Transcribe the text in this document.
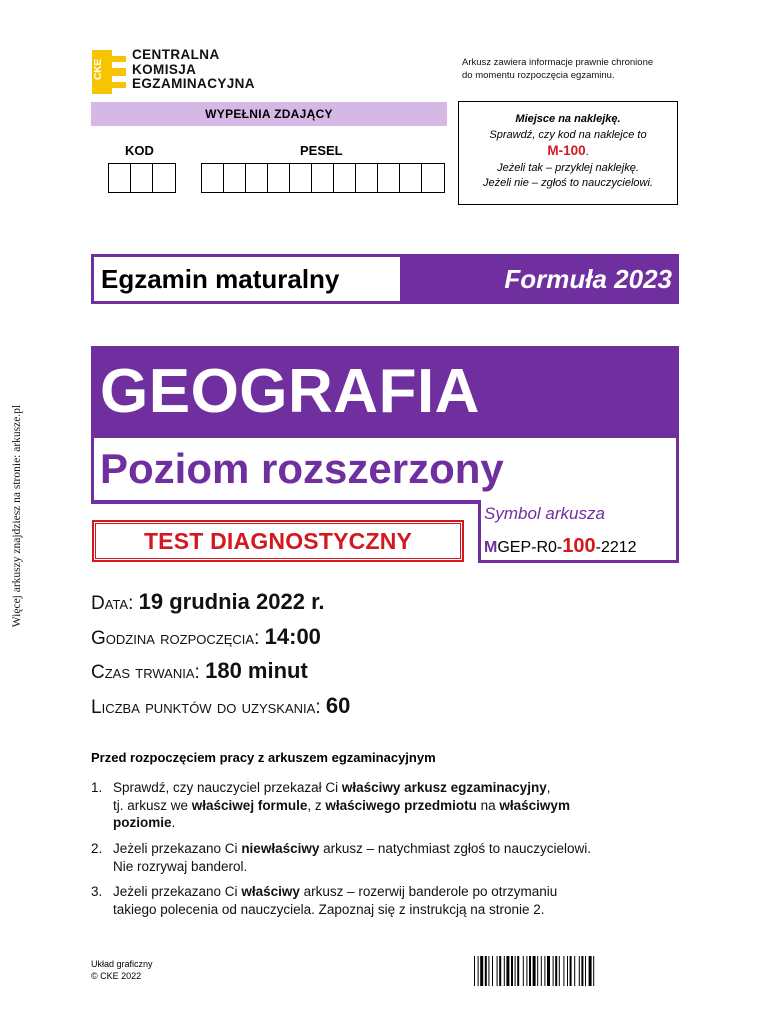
Więcej arkuszy znajdziesz na stronie: arkusze.pl
CKE
CENTRALNA
KOMISJA
EGZAMINACYJNA
Arkusz zawiera informacje prawnie chronione
do momentu rozpoczęcia egzaminu.
WYPEŁNIA ZDAJĄCY
KOD	PESEL
Miejsce na naklejkę.
Sprawdź, czy kod na naklejce to
M-100.
Jeżeli tak – przyklej naklejkę.
Jeżeli nie – zgłoś to nauczycielowi.
Egzamin maturalny	Formuła 2023
GEOGRAFIA
Poziom rozszerzony
Symbol arkusza
MGEP-R0-100-2212
TEST DIAGNOSTYCZNY
Data: 19 grudnia 2022 r.
Godzina rozpoczęcia: 14:00
Czas trwania: 180 minut
Liczba punktów do uzyskania: 60
Przed rozpoczęciem pracy z arkuszem egzaminacyjnym
1. Sprawdź, czy nauczyciel przekazał Ci właściwy arkusz egzaminacyjny,
tj. arkusz we właściwej formule, z właściwego przedmiotu na właściwym
poziomie.
2. Jeżeli przekazano Ci niewłaściwy arkusz – natychmiast zgłoś to nauczycielowi.
Nie rozrywaj banderol.
3. Jeżeli przekazano Ci właściwy arkusz – rozerwij banderole po otrzymaniu
takiego polecenia od nauczyciela. Zapoznaj się z instrukcją na stronie 2.
Układ graficzny
© CKE 2022
